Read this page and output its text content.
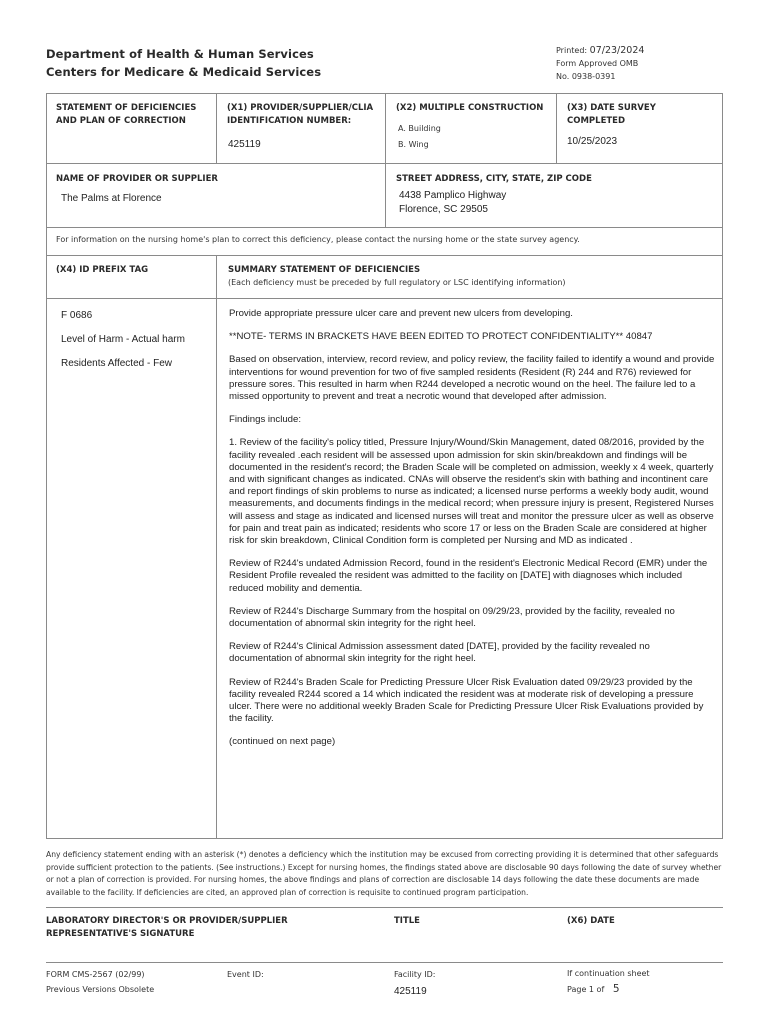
Department of Health & Human Services
Centers for Medicare & Medicaid Services
Printed: 07/23/2024
Form Approved OMB
No. 0938-0391
STATEMENT OF DEFICIENCIES
AND PLAN OF CORRECTION
(X1) PROVIDER/SUPPLIER/CLIA
IDENTIFICATION NUMBER:
425119
(X2) MULTIPLE CONSTRUCTION
A. Building
B. Wing
(X3) DATE SURVEY
COMPLETED
10/25/2023
NAME OF PROVIDER OR SUPPLIER
The Palms at Florence
STREET ADDRESS, CITY, STATE, ZIP CODE
4438 Pamplico Highway
Florence, SC 29505
For information on the nursing home's plan to correct this deficiency, please contact the nursing home or the state survey agency.
(X4) ID PREFIX TAG	SUMMARY STATEMENT OF DEFICIENCIES
(Each deficiency must be preceded by full regulatory or LSC identifying information)
F 0686
Level of Harm - Actual harm
Residents Affected - Few

Provide appropriate pressure ulcer care and prevent new ulcers from developing.

**NOTE- TERMS IN BRACKETS HAVE BEEN EDITED TO PROTECT CONFIDENTIALITY** 40847

Based on observation, interview, record review, and policy review, the facility failed to identify a wound and provide interventions for wound prevention for two of five sampled residents (Resident (R) 244 and R76) reviewed for pressure sores. This resulted in harm when R244 developed a necrotic wound on the heel. The failure led to a missed opportunity to prevent and treat a necrotic wound that developed after admission.

Findings include:

1. Review of the facility's policy titled, Pressure Injury/Wound/Skin Management, dated 08/2016, provided by the facility revealed .each resident will be assessed upon admission for skin skin/breakdown and findings will be documented in the resident's record; the Braden Scale will be completed on admission, weekly x 4 week, quarterly and with significant changes as indicated. CNAs will observe the resident's skin with bathing and incontinent care and report findings of skin problems to nurse as indicated; a licensed nurse performs a weekly body audit, wound measurements, and documents findings in the medical record; when pressure injury is present, Registered Nurses will assess and stage as indicated and licensed nurses will treat and monitor the pressure ulcer as well as observe for pain and treat pain as indicated; residents who score 17 or less on the Braden Scale are considered at higher risk for skin breakdown, Clinical Condition form is completed per Nursing and MD as indicated .

Review of R244's undated Admission Record, found in the resident's Electronic Medical Record (EMR) under the Resident Profile revealed the resident was admitted to the facility on [DATE] with diagnoses which included reduced mobility and dementia.

Review of R244's Discharge Summary from the hospital on 09/29/23, provided by the facility, revealed no documentation of abnormal skin integrity for the right heel.

Review of R244's Clinical Admission assessment dated [DATE], provided by the facility revealed no documentation of abnormal skin integrity for the right heel.

Review of R244's Braden Scale for Predicting Pressure Ulcer Risk Evaluation dated 09/29/23 provided by the facility revealed R244 scored a 14 which indicated the resident was at moderate risk of developing a pressure ulcer. There were no additional weekly Braden Scale for Predicting Pressure Ulcer Risk Evaluations provided by the facility.

(continued on next page)

Any deficiency statement ending with an asterisk (*) denotes a deficiency which the institution may be excused from correcting providing it is determined that other safeguards provide sufficient protection to the patients. (See instructions.) Except for nursing homes, the findings stated above are disclosable 90 days following the date of survey whether or not a plan of correction is provided. For nursing homes, the above findings and plans of correction are disclosable 14 days following the date these documents are made available to the facility. If deficiencies are cited, an approved plan of correction is requisite to continued program participation.
LABORATORY DIRECTOR'S OR PROVIDER/SUPPLIER
REPRESENTATIVE'S SIGNATURE
TITLE	(X6) DATE
FORM CMS-2567 (02/99)
Previous Versions Obsolete
Event ID:	Facility ID:
425119
If continuation sheet
Page 1 of 5
